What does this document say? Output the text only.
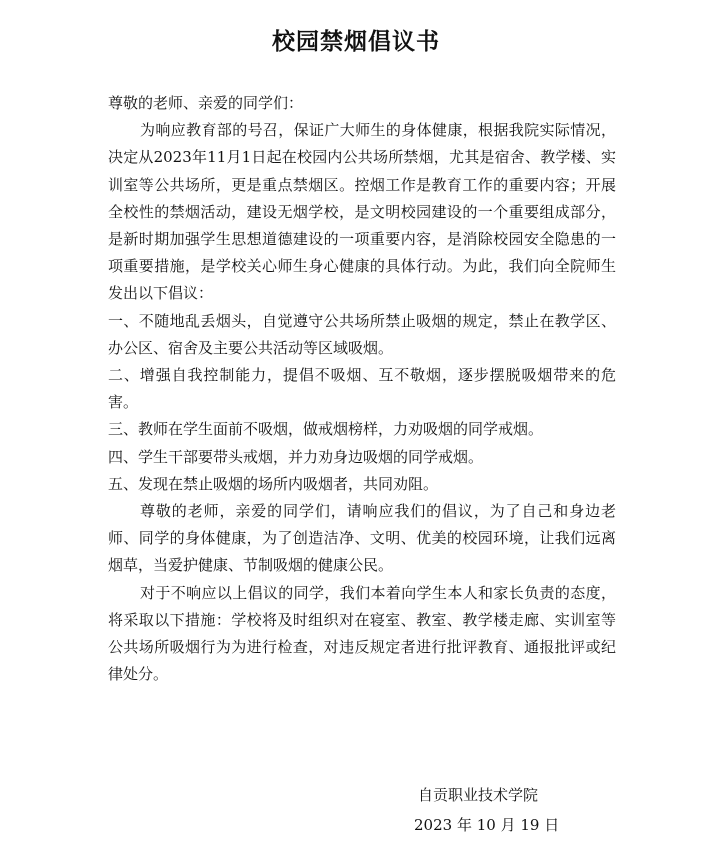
校园禁烟倡议书

尊敬的老师、亲爱的同学们：

为响应教育部的号召，保证广大师生的身体健康，根据我院实际情况，决定从2023年11月1日起在校园内公共场所禁烟，尤其是宿舍、教学楼、实训室等公共场所，更是重点禁烟区。控烟工作是教育工作的重要内容；开展全校性的禁烟活动，建设无烟学校，是文明校园建设的一个重要组成部分，是新时期加强学生思想道德建设的一项重要内容，是消除校园安全隐患的一项重要措施，是学校关心师生身心健康的具体行动。为此，我们向全院师生发出以下倡议：

一、不随地乱丢烟头，自觉遵守公共场所禁止吸烟的规定，禁止在教学区、办公区、宿舍及主要公共活动等区域吸烟。

二、增强自我控制能力，提倡不吸烟、互不敬烟，逐步摆脱吸烟带来的危害。

三、教师在学生面前不吸烟，做戒烟榜样，力劝吸烟的同学戒烟。

四、学生干部要带头戒烟，并力劝身边吸烟的同学戒烟。

五、发现在禁止吸烟的场所内吸烟者，共同劝阻。

尊敬的老师，亲爱的同学们，请响应我们的倡议，为了自己和身边老师、同学的身体健康，为了创造洁净、文明、优美的校园环境，让我们远离烟草，当爱护健康、节制吸烟的健康公民。

对于不响应以上倡议的同学，我们本着向学生本人和家长负责的态度，将采取以下措施：学校将及时组织对在寝室、教室、教学楼走廊、实训室等公共场所吸烟行为为进行检查，对违反规定者进行批评教育、通报批评或纪律处分。

自贡职业技术学院
2023 年 10 月 19 日
